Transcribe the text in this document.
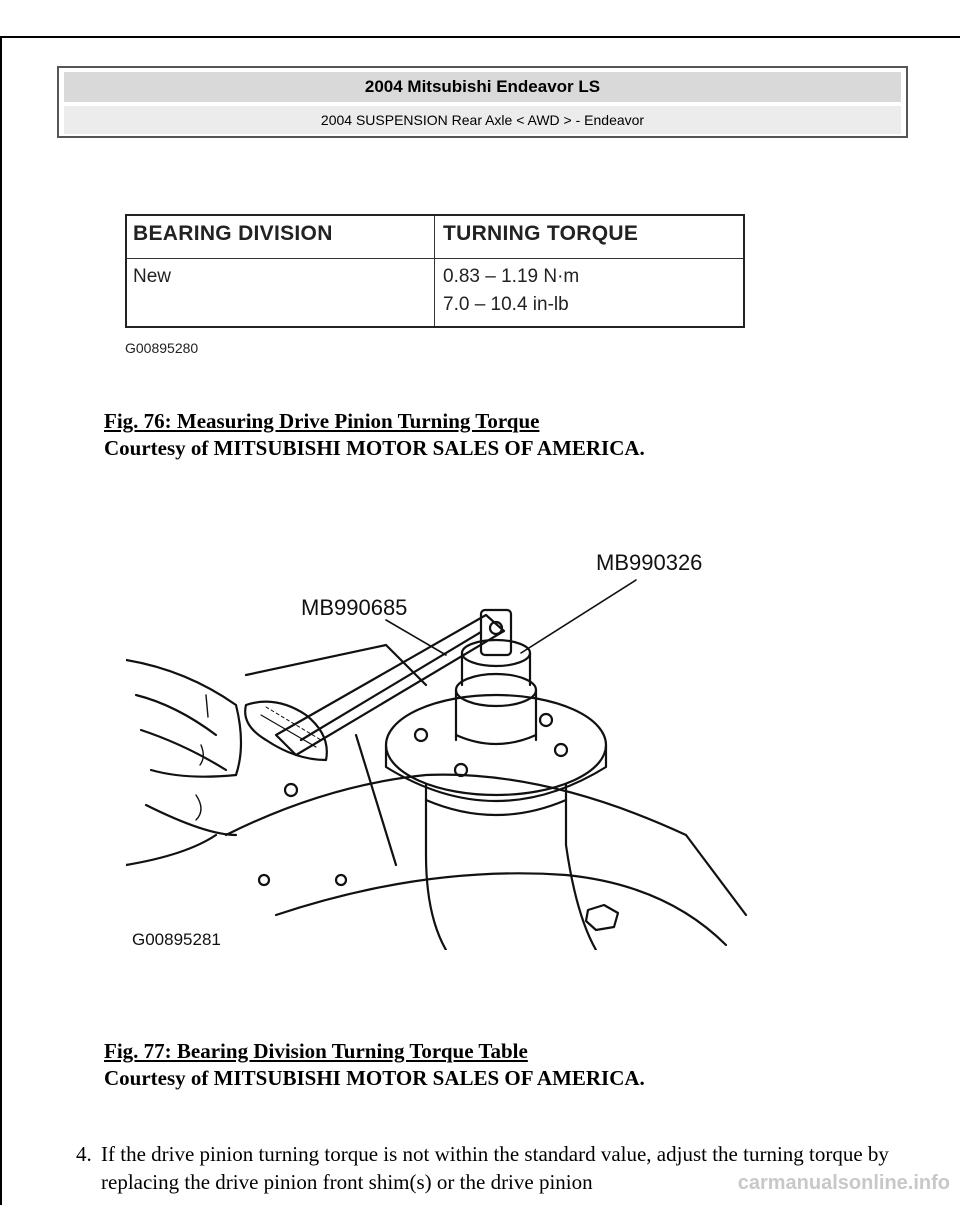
2004 Mitsubishi Endeavor LS
2004 SUSPENSION Rear Axle < AWD > - Endeavor
BEARING DIVISION	TURNING TORQUE
New	0.83 – 1.19 N·m
7.0 – 10.4 in-lb
G00895280
Fig. 76: Measuring Drive Pinion Turning Torque
Courtesy of MITSUBISHI MOTOR SALES OF AMERICA.
MB990326
MB990685
G00895281
Fig. 77: Bearing Division Turning Torque Table
Courtesy of MITSUBISHI MOTOR SALES OF AMERICA.
4. If the drive pinion turning torque is not within the standard value, adjust the turning torque by replacing the drive pinion front shim(s) or the drive pinion	carmanualsonline.info
